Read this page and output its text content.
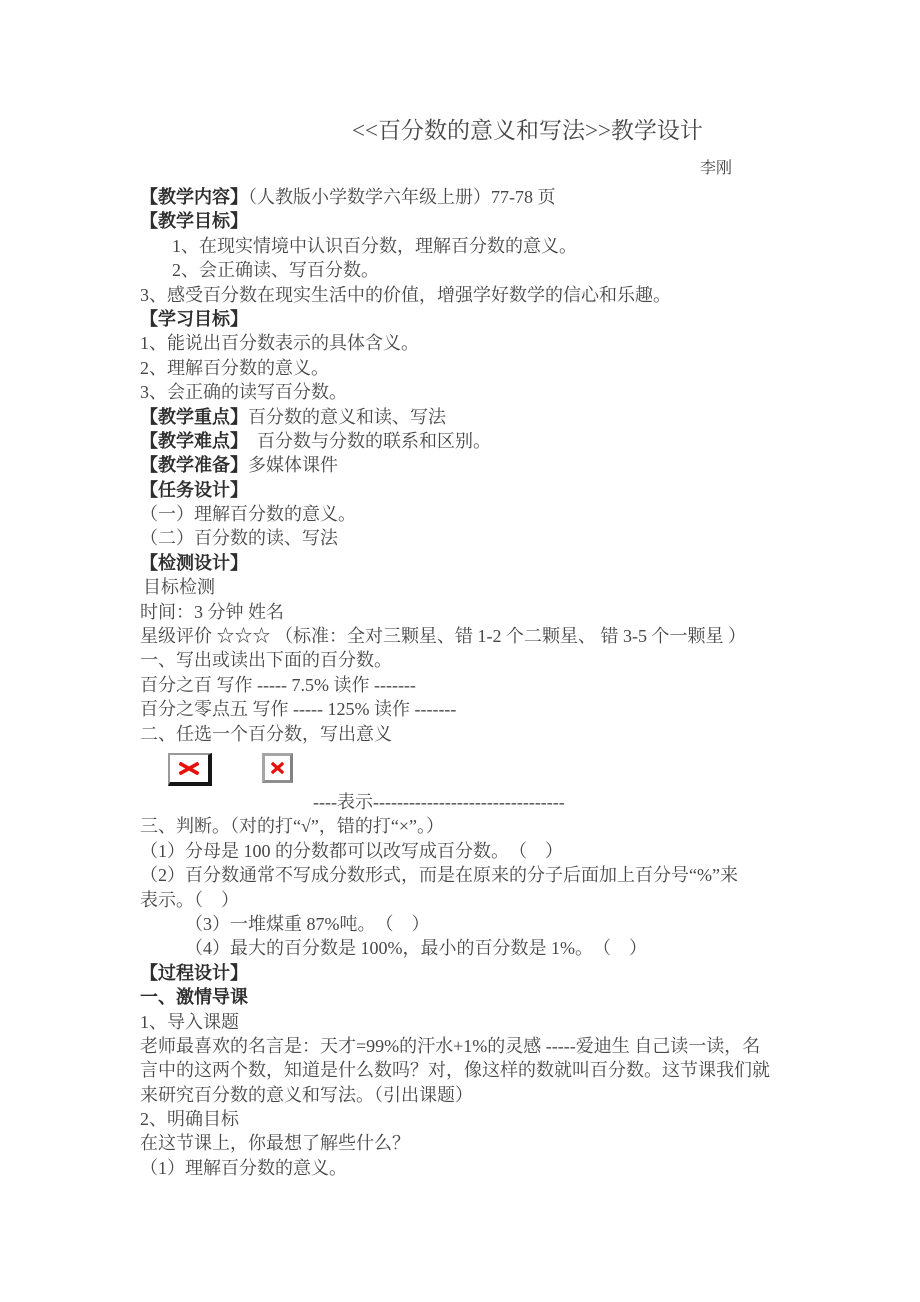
<<百分数的意义和写法>>教学设计
李刚
【教学内容】（人教版小学数学六年级上册）77-78 页
【教学目标】
1、在现实情境中认识百分数，理解百分数的意义。
2、会正确读、写百分数。
3、感受百分数在现实生活中的价值，增强学好数学的信心和乐趣。
【学习目标】
1、能说出百分数表示的具体含义。
2、理解百分数的意义。
3、会正确的读写百分数。
【教学重点】百分数的意义和读、写法
【教学难点】　百分数与分数的联系和区别。
【教学准备】多媒体课件
【任务设计】
（一）理解百分数的意义。
（二）百分数的读、写法
【检测设计】
目标检测
时间：3 分钟 姓名
星级评价 ☆☆☆ （标准：全对三颗星、错 1-2 个二颗星、 错 3-5 个一颗星 ）
一、写出或读出下面的百分数。
百分之百 写作 ----- 7.5% 读作 -------
百分之零点五 写作 ----- 125% 读作 -------
二、任选一个百分数，写出意义
----表示--------------------------------
三、判断。（对的打“√”，错的打“×”。）
（1）分母是 100 的分数都可以改写成百分数。　（　）
（2）百分数通常不写成分数形式，而是在原来的分子后面加上百分号“%”来
表示。（　）
（3）一堆煤重 87%吨。　（　）
（4）最大的百分数是 100%，最小的百分数是 1%。　（　）
【过程设计】
一、激情导课
1、导入课题
老师最喜欢的名言是：天才=99%的汗水+1%的灵感 -----爱迪生 自己读一读，名
言中的这两个数，知道是什么数吗？对，像这样的数就叫百分数。这节课我们就
来研究百分数的意义和写法。（引出课题）
2、明确目标
在这节课上，你最想了解些什么？
（1）理解百分数的意义。
